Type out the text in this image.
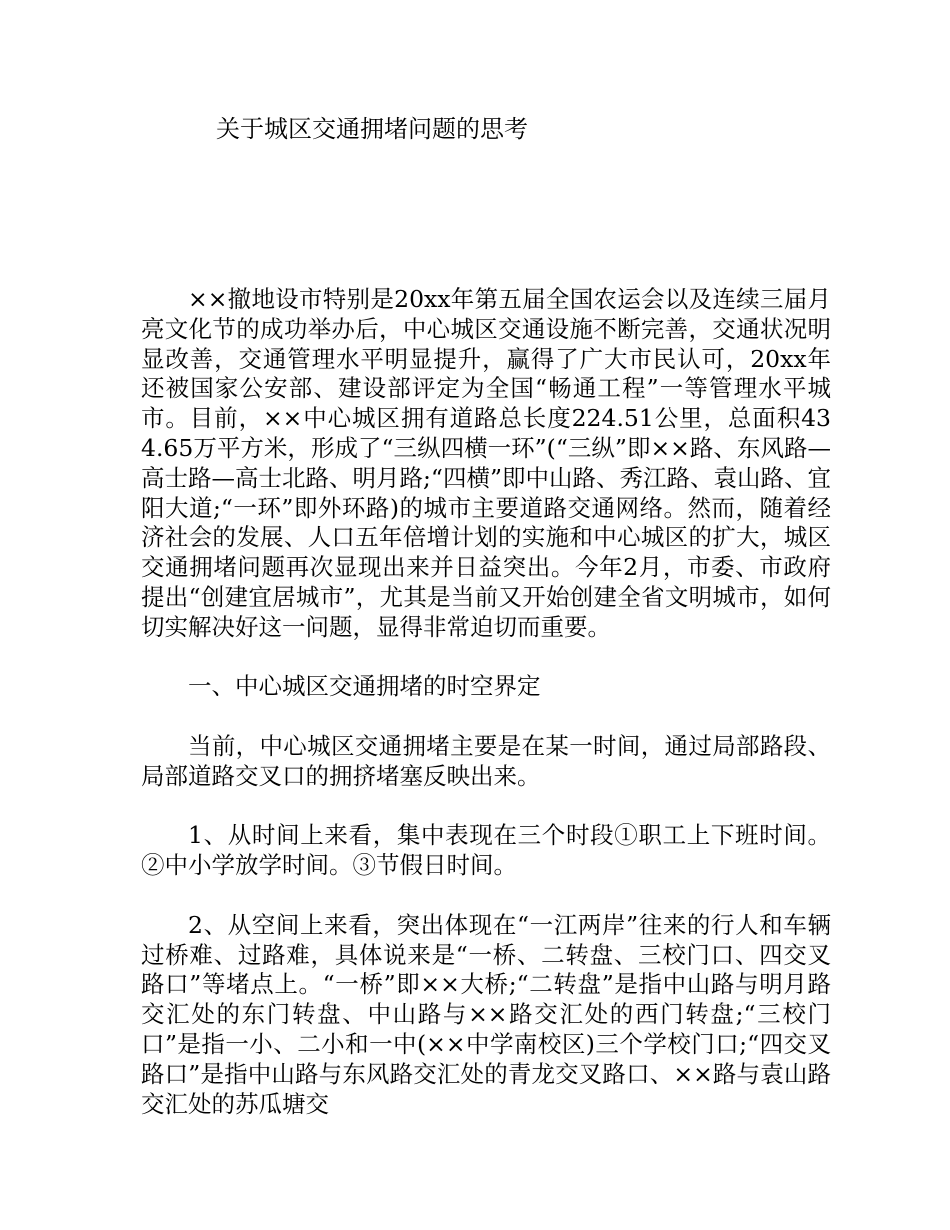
关于城区交通拥堵问题的思考

××撤地设市特别是20xx年第五届全国农运会以及连续三届月亮文化节的成功举办后，中心城区交通设施不断完善，交通状况明显改善，交通管理水平明显提升，赢得了广大市民认可，20xx年还被国家公安部、建设部评定为全国“畅通工程”一等管理水平城市。目前，××中心城区拥有道路总长度224.51公里，总面积434.65万平方米，形成了“三纵四横一环”(“三纵”即××路、东风路—高士路—高士北路、明月路;“四横”即中山路、秀江路、袁山路、宜阳大道;“一环”即外环路)的城市主要道路交通网络。然而，随着经济社会的发展、人口五年倍增计划的实施和中心城区的扩大，城区交通拥堵问题再次显现出来并日益突出。今年2月，市委、市政府提出“创建宜居城市”，尤其是当前又开始创建全省文明城市，如何切实解决好这一问题，显得非常迫切而重要。

一、中心城区交通拥堵的时空界定

当前，中心城区交通拥堵主要是在某一时间，通过局部路段、局部道路交叉口的拥挤堵塞反映出来。

1、从时间上来看，集中表现在三个时段①职工上下班时间。②中小学放学时间。③节假日时间。

2、从空间上来看，突出体现在“一江两岸”往来的行人和车辆过桥难、过路难，具体说来是“一桥、二转盘、三校门口、四交叉路口”等堵点上。“一桥”即××大桥;“二转盘”是指中山路与明月路交汇处的东门转盘、中山路与××路交汇处的西门转盘;“三校门口”是指一小、二小和一中(××中学南校区)三个学校门口;“四交叉路口”是指中山路与东风路交汇处的青龙交叉路口、××路与袁山路交汇处的苏瓜塘交
